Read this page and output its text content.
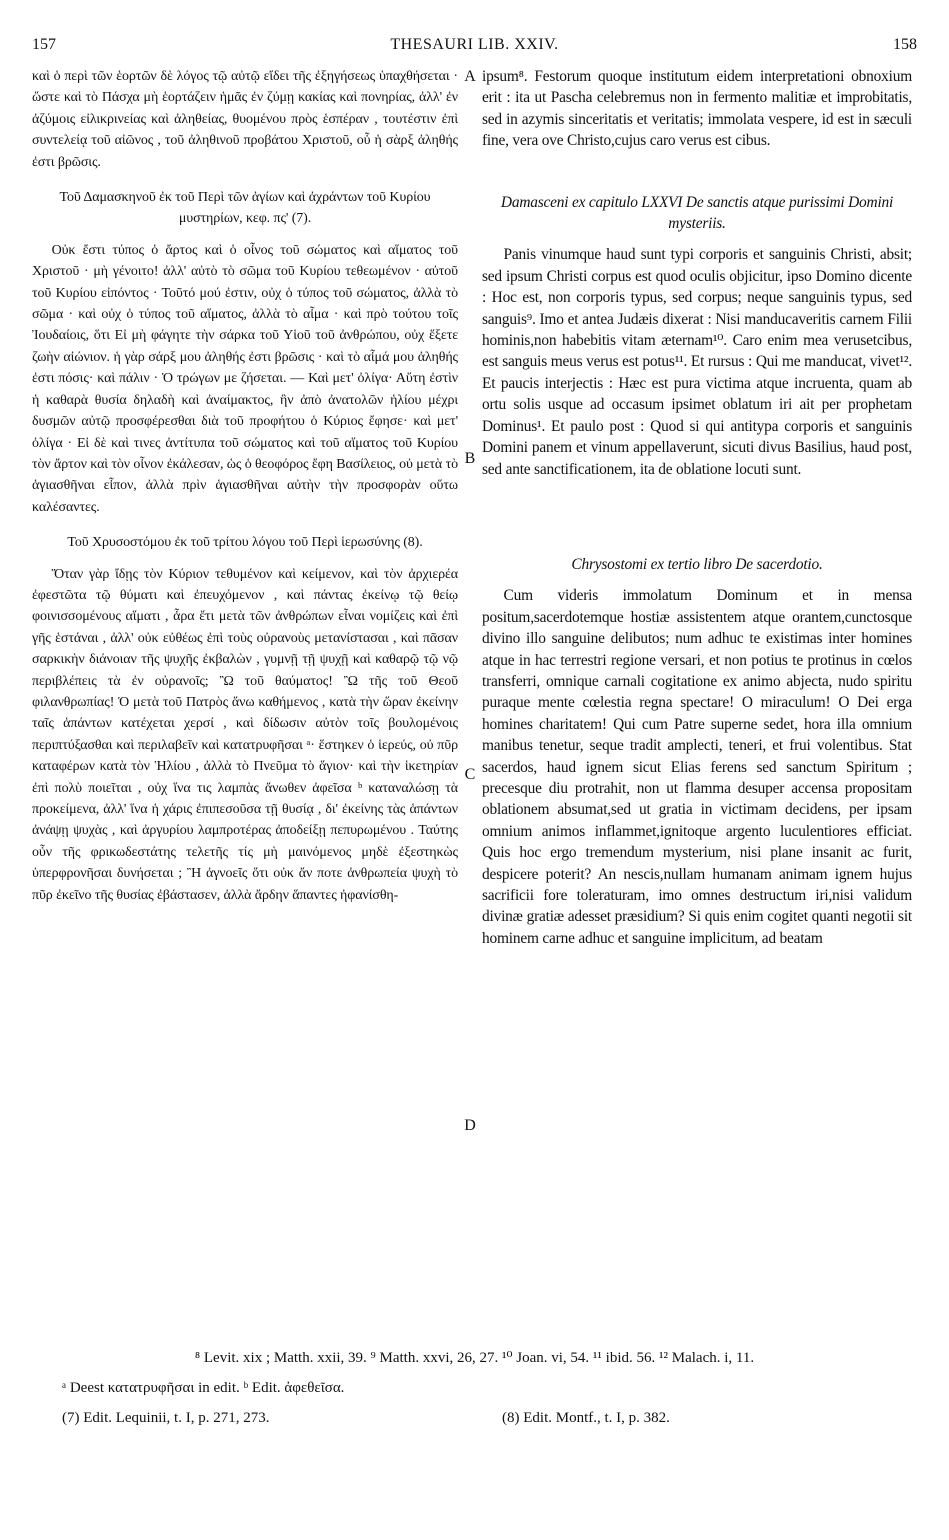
157	THESAURI LIB. XXIV.	158

καὶ ὁ περὶ τῶν ἑορτῶν δὲ λόγος τῷ αὐτῷ εἴδει τῆς ἐξηγήσεως ὑπαχθήσεται · ὥστε καὶ τὸ Πάσχα μὴ ἑορτάζειν ἡμᾶς ἐν ζύμῃ κακίας καὶ πονηρίας, ἀλλ' ἐν ἀζύμοις εἰλικρινείας καὶ ἀληθείας, θυομένου πρὸς ἑσπέραν , τουτέστιν ἐπὶ συντελείᾳ τοῦ αἰῶνος , τοῦ ἀληθινοῦ προβάτου Χριστοῦ, οὗ ἡ σὰρξ ἀληθής ἐστι βρῶσις.

Τοῦ Δαμασκηνοῦ ἐκ τοῦ Περὶ τῶν ἁγίων καὶ ἀχράντων τοῦ Κυρίου μυστηρίων, κεφ. πς' (7).

Οὐκ ἔστι τύπος ὁ ἄρτος καὶ ὁ οἶνος τοῦ σώματος καὶ αἵματος τοῦ Χριστοῦ · μὴ γένοιτο! ἀλλ' αὐτὸ τὸ σῶμα τοῦ Κυρίου τεθεωμένον · αὐτοῦ τοῦ Κυρίου εἰπόντος · Τοῦτό μού ἐστιν, οὐχ ὁ τύπος τοῦ σώματος, ἀλλὰ τὸ σῶμα · καὶ οὐχ ὁ τύπος τοῦ αἵματος, ἀλλὰ τὸ αἷμα · καὶ πρὸ τούτου τοῖς Ἰουδαίοις, ὅτι Εἰ μὴ φάγητε τὴν σάρκα τοῦ Υἱοῦ τοῦ ἀνθρώπου, οὐχ ἕξετε ζωὴν αἰώνιον. ἡ γὰρ σάρξ μου ἀληθής ἐστι βρῶσις · καὶ τὸ αἷμά μου ἀληθής ἐστι πόσις· καὶ πάλιν · Ὁ τρώγων με ζήσεται. — Καὶ μετ' ὀλίγα· Αὕτη ἐστὶν ἡ καθαρὰ θυσία δηλαδὴ καὶ ἀναίμακτος, ἣν ἀπὸ ἀνατολῶν ἡλίου μέχρι δυσμῶν αὐτῷ προσφέρεσθαι διὰ τοῦ προφήτου ὁ Κύριος ἔφησε· καὶ μετ' ὀλίγα · Εἰ δὲ καὶ τινες ἀντίτυπα τοῦ σώματος καὶ τοῦ αἵματος τοῦ Κυρίου τὸν ἄρτον καὶ τὸν οἶνον ἐκάλεσαν, ὡς ὁ θεοφόρος ἔφη Βασίλειος, οὐ μετὰ τὸ ἁγιασθῆναι εἶπον, ἀλλὰ πρὶν ἁγιασθῆναι αὐτὴν τὴν προσφορὰν οὕτω καλέσαντες.

Τοῦ Χρυσοστόμου ἐκ τοῦ τρίτου λόγου τοῦ Περὶ ἱερωσύνης (8).

Ὅταν γὰρ ἴδῃς τὸν Κύριον τεθυμένον καὶ κείμενον, καὶ τὸν ἀρχιερέα ἐφεστῶτα τῷ θύματι καὶ ἐπευχόμενον , καὶ πάντας ἐκείνῳ τῷ θείῳ φοινισσομένους αἵματι , ἆρα ἔτι μετὰ τῶν ἀνθρώπων εἶναι νομίζεις καὶ ἐπὶ γῆς ἑστάναι , ἀλλ' οὐκ εὐθέως ἐπὶ τοὺς οὐρανοὺς μετανίστασαι , καὶ πᾶσαν σαρκικὴν διάνοιαν τῆς ψυχῆς ἐκβαλὼν , γυμνῇ τῇ ψυχῇ καὶ καθαρῷ τῷ νῷ περιβλέπεις τὰ ἐν οὐρανοῖς; Ὢ τοῦ θαύματος! Ὢ τῆς τοῦ Θεοῦ φιλανθρωπίας! Ὁ μετὰ τοῦ Πατρὸς ἄνω καθήμενος , κατὰ τὴν ὥραν ἐκείνην ταῖς ἁπάντων κατέχεται χερσί , καὶ δίδωσιν αὐτὸν τοῖς βουλομένοις περιπτύξασθαι καὶ περιλαβεῖν καὶ κατατρυφῆσαι ᵃ· ἕστηκεν ὁ ἱερεύς, οὐ πῦρ καταφέρων κατὰ τὸν Ἡλίου , ἀλλὰ τὸ Πνεῦμα τὸ ἅγιον· καὶ τὴν ἱκετηρίαν ἐπὶ πολὺ ποιεῖται , οὐχ ἵνα τις λαμπὰς ἄνωθεν ἀφεῖσα ᵇ καταναλώσῃ τὰ προκείμενα, ἀλλ' ἵνα ἡ χάρις ἐπιπεσοῦσα τῇ θυσίᾳ , δι' ἐκείνης τὰς ἁπάντων ἀνάψῃ ψυχὰς , καὶ ἀργυρίου λαμπροτέρας ἀποδείξῃ πεπυρωμένου . Ταύτης οὖν τῆς φρικωδεστάτης τελετῆς τίς μὴ μαινόμενος μηδὲ ἐξεστηκὼς ὑπερφρονῆσαι δυνήσεται ; Ἢ ἀγνοεῖς ὅτι οὐκ ἄν ποτε ἀνθρωπεία ψυχὴ τὸ πῦρ ἐκεῖνο τῆς θυσίας ἐβάστασεν, ἀλλὰ ἄρδην ἅπαντες ἠφανίσθη-

ipsum⁸. Festorum quoque institutum eidem interpretationi obnoxium erit : ita ut Pascha celebremus non in fermento malitiæ et improbitatis, sed in azymis sinceritatis et veritatis; immolata vespere, id est in sæculi fine, vera ove Christo,cujus caro verus est cibus.

Damasceni ex capitulo LXXVI De sanctis atque purissimi Domini mysteriis.

Panis vinumque haud sunt typi corporis et sanguinis Christi, absit; sed ipsum Christi corpus est quod oculis objicitur, ipso Domino dicente : Hoc est, non corporis typus, sed corpus; neque sanguinis typus, sed sanguis⁹. Imo et antea Judæis dixerat : Nisi manducaveritis carnem Filii hominis,non habebitis vitam æternam¹⁰. Caro enim mea verusetcibus, est sanguis meus verus est potus¹¹. Et rursus : Qui me manducat, vivet¹². Et paucis interjectis : Hæc est pura victima atque incruenta, quam ab ortu solis usque ad occasum ipsimet oblatum iri ait per prophetam Dominus¹. Et paulo post : Quod si qui antitypa corporis et sanguinis Domini panem et vinum appellaverunt, sicuti divus Basilius, haud post, sed ante sanctificationem, ita de oblatione locuti sunt.

Chrysostomi ex tertio libro De sacerdotio.

Cum videris immolatum Dominum et in mensa positum,sacerdotemque hostiæ assistentem atque orantem,cunctosque divino illo sanguine delibutos; num adhuc te existimas inter homines atque in hac terrestri regione versari, et non potius te protinus in cœlos transferri, omnique carnali cogitatione ex animo abjecta, nudo spiritu puraque mente cœlestia regna spectare! O miraculum! O Dei erga homines charitatem! Qui cum Patre superne sedet, hora illa omnium manibus tenetur, seque tradit amplecti, teneri, et frui volentibus. Stat sacerdos, haud ignem sicut Elias ferens sed sanctum Spiritum ; precesque diu protrahit, non ut flamma desuper accensa propositam oblationem absumat,sed ut gratia in victimam decidens, per ipsam omnium animos inflammet,ignitoque argento luculentiores efficiat. Quis hoc ergo tremendum mysterium, nisi plane insanit ac furit, despicere poterit? An nescis,nullam humanam animam ignem hujus sacrificii fore toleraturam, imo omnes destructum iri,nisi validum divinæ gratiæ adesset præsidium? Si quis enim cogitet quanti negotii sit hominem carne adhuc et sanguine implicitum, ad beatam

A
B
C
D
⁸ Levit. xix ; Matth. xxii, 39. ⁹ Matth. xxvi, 26, 27. ¹⁰ Joan. vi, 54. ¹¹ ibid. 56. ¹² Malach. i, 11.
ᵃ Deest κατατρυφῆσαι in edit. ᵇ Edit. ἀφεθεῖσα.
(7) Edit. Lequinii, t. I, p. 271, 273.	(8) Edit. Montf., t. I, p. 382.
